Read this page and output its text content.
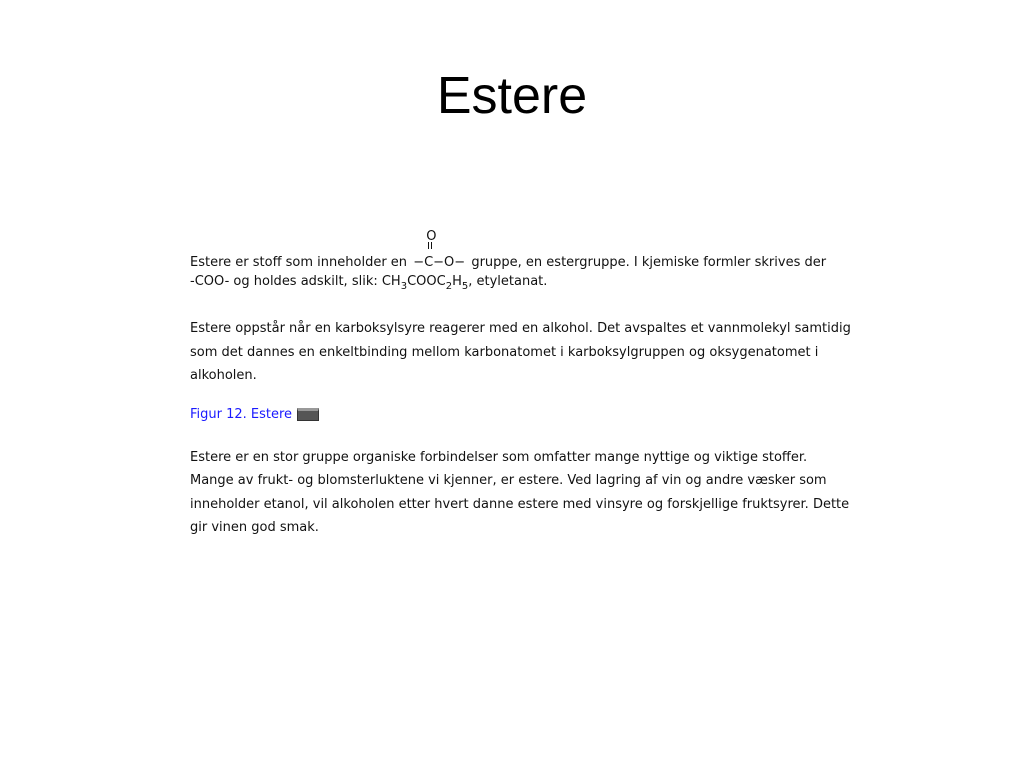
Estere
Estere er stoff som inneholder en
O
−C−O− gruppe, en estergruppe. I kjemiske formler skrives der
-COO- og holdes adskilt, slik: $CH_3COOC_2H_5$, etyletanat.
Estere oppstår når en karboksylsyre reagerer med en alkohol. Det avspaltes et vannmolekyl samtidig som det dannes en enkeltbinding mellom karbonatomet i karboksylgruppen og oksygenatomet i alkoholen.
Figur 12. Estere
Estere er en stor gruppe organiske forbindelser som omfatter mange nyttige og viktige stoffer. Mange av frukt- og blomsterluktene vi kjenner, er estere. Ved lagring af vin og andre væsker som inneholder etanol, vil alkoholen etter hvert danne estere med vinsyre og forskjellige fruktsyrer. Dette gir vinen god smak.
